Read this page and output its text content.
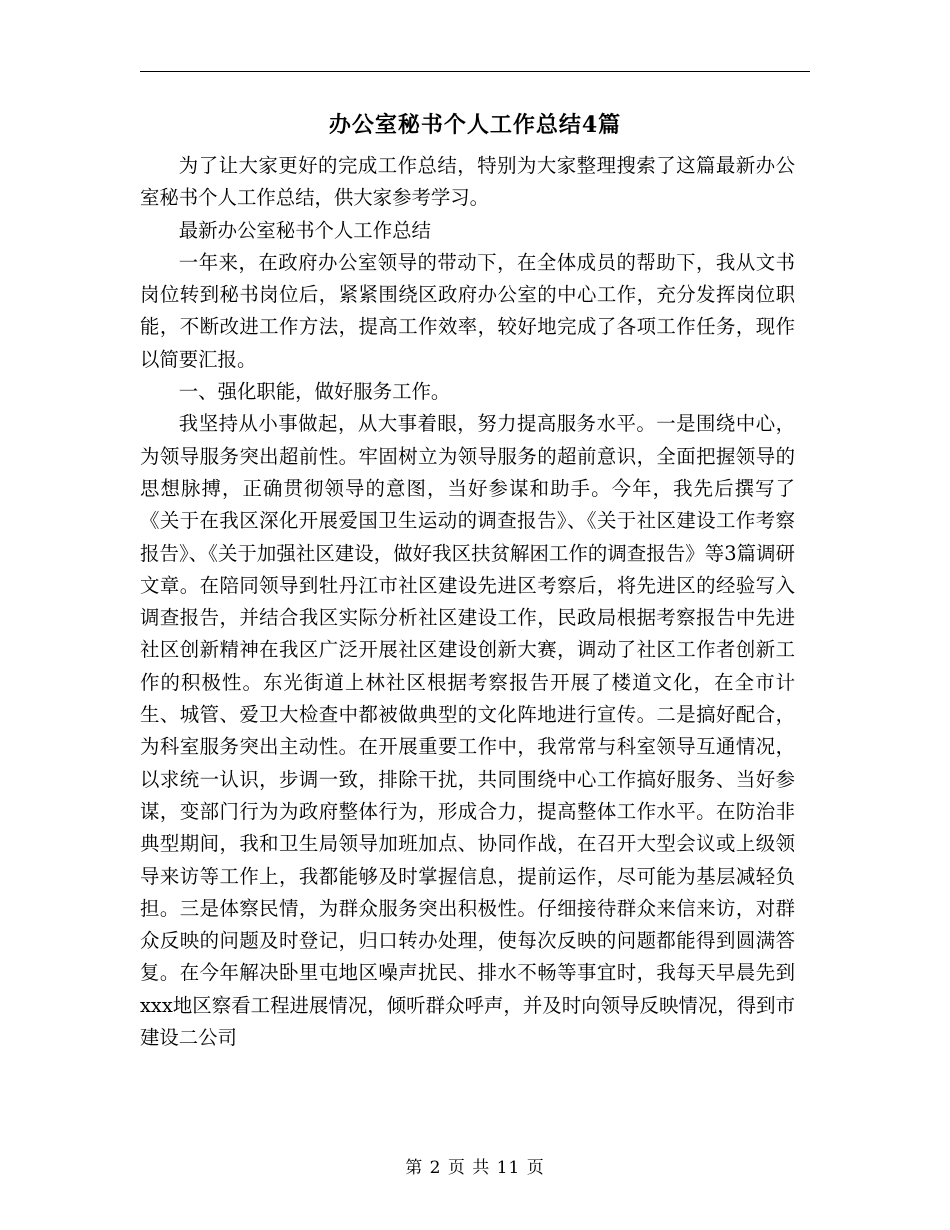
办公室秘书个人工作总结4篇

为了让大家更好的完成工作总结，特别为大家整理搜索了这篇最新办公室秘书个人工作总结，供大家参考学习。

最新办公室秘书个人工作总结

一年来，在政府办公室领导的带动下，在全体成员的帮助下，我从文书岗位转到秘书岗位后，紧紧围绕区政府办公室的中心工作，充分发挥岗位职能，不断改进工作方法，提高工作效率，较好地完成了各项工作任务，现作以简要汇报。

一、强化职能，做好服务工作。

我坚持从小事做起，从大事着眼，努力提高服务水平。一是围绕中心，为领导服务突出超前性。牢固树立为领导服务的超前意识，全面把握领导的思想脉搏，正确贯彻领导的意图，当好参谋和助手。今年，我先后撰写了《关于在我区深化开展爱国卫生运动的调查报告》、《关于社区建设工作考察报告》、《关于加强社区建设，做好我区扶贫解困工作的调查报告》等3篇调研文章。在陪同领导到牡丹江市社区建设先进区考察后，将先进区的经验写入调查报告，并结合我区实际分析社区建设工作，民政局根据考察报告中先进社区创新精神在我区广泛开展社区建设创新大赛，调动了社区工作者创新工作的积极性。东光街道上林社区根据考察报告开展了楼道文化，在全市计生、城管、爱卫大检查中都被做典型的文化阵地进行宣传。二是搞好配合，为科室服务突出主动性。在开展重要工作中，我常常与科室领导互通情况，以求统一认识，步调一致，排除干扰，共同围绕中心工作搞好服务、当好参谋，变部门行为为政府整体行为，形成合力，提高整体工作水平。在防治非典型期间，我和卫生局领导加班加点、协同作战，在召开大型会议或上级领导来访等工作上，我都能够及时掌握信息，提前运作，尽可能为基层减轻负担。三是体察民情，为群众服务突出积极性。仔细接待群众来信来访，对群众反映的问题及时登记，归口转办处理，使每次反映的问题都能得到圆满答复。在今年解决卧里屯地区噪声扰民、排水不畅等事宜时，我每天早晨先到xxx地区察看工程进展情况，倾听群众呼声，并及时向领导反映情况，得到市建设二公司

第 2 页 共 11 页
